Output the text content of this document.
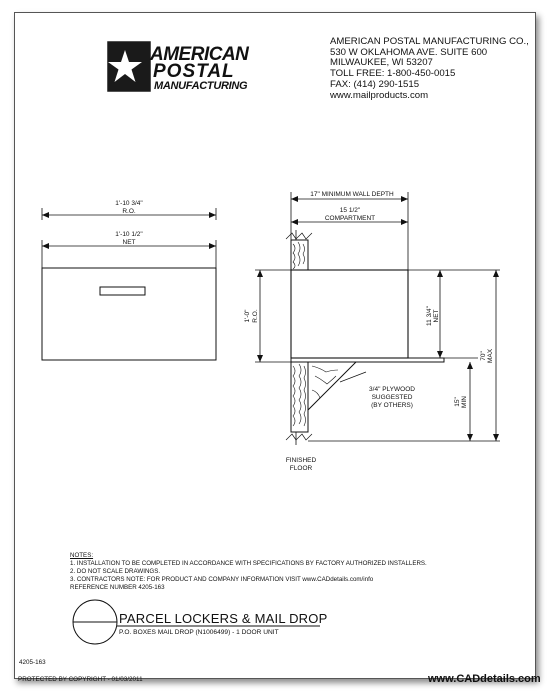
AMERICAN
POSTAL
MANUFACTURING
1'-10 3/4"
R.O.
1'-10 1/2"
NET
17" MINIMUM WALL DEPTH
15 1/2"
COMPARTMENT
1'-0" R.O.	11 3/4" NET
70" MAX
15" MIN
3/4" PLYWOOD
SUGGESTED
(BY OTHERS)
FINISHED
FLOOR
AMERICAN POSTAL MANUFACTURING CO.,
530 W OKLAHOMA AVE. SUITE 600
MILWAUKEE, WI 53207
TOLL FREE: 1-800-450-0015
FAX: (414) 290-1515
www.mailproducts.com
NOTES:
1. INSTALLATION TO BE COMPLETED IN ACCORDANCE WITH SPECIFICATIONS BY FACTORY AUTHORIZED INSTALLERS.
2. DO NOT SCALE DRAWINGS.
3. CONTRACTORS NOTE: FOR PRODUCT AND COMPANY INFORMATION VISIT www.CADdetails.com/info
REFERENCE NUMBER 4205-163
PARCEL LOCKERS & MAIL DROP
P.O. BOXES MAIL DROP (N1006499) - 1 DOOR UNIT
4205-163
PROTECTED BY COPYRIGHT - 01/03/2011	www.CADdetails.com
